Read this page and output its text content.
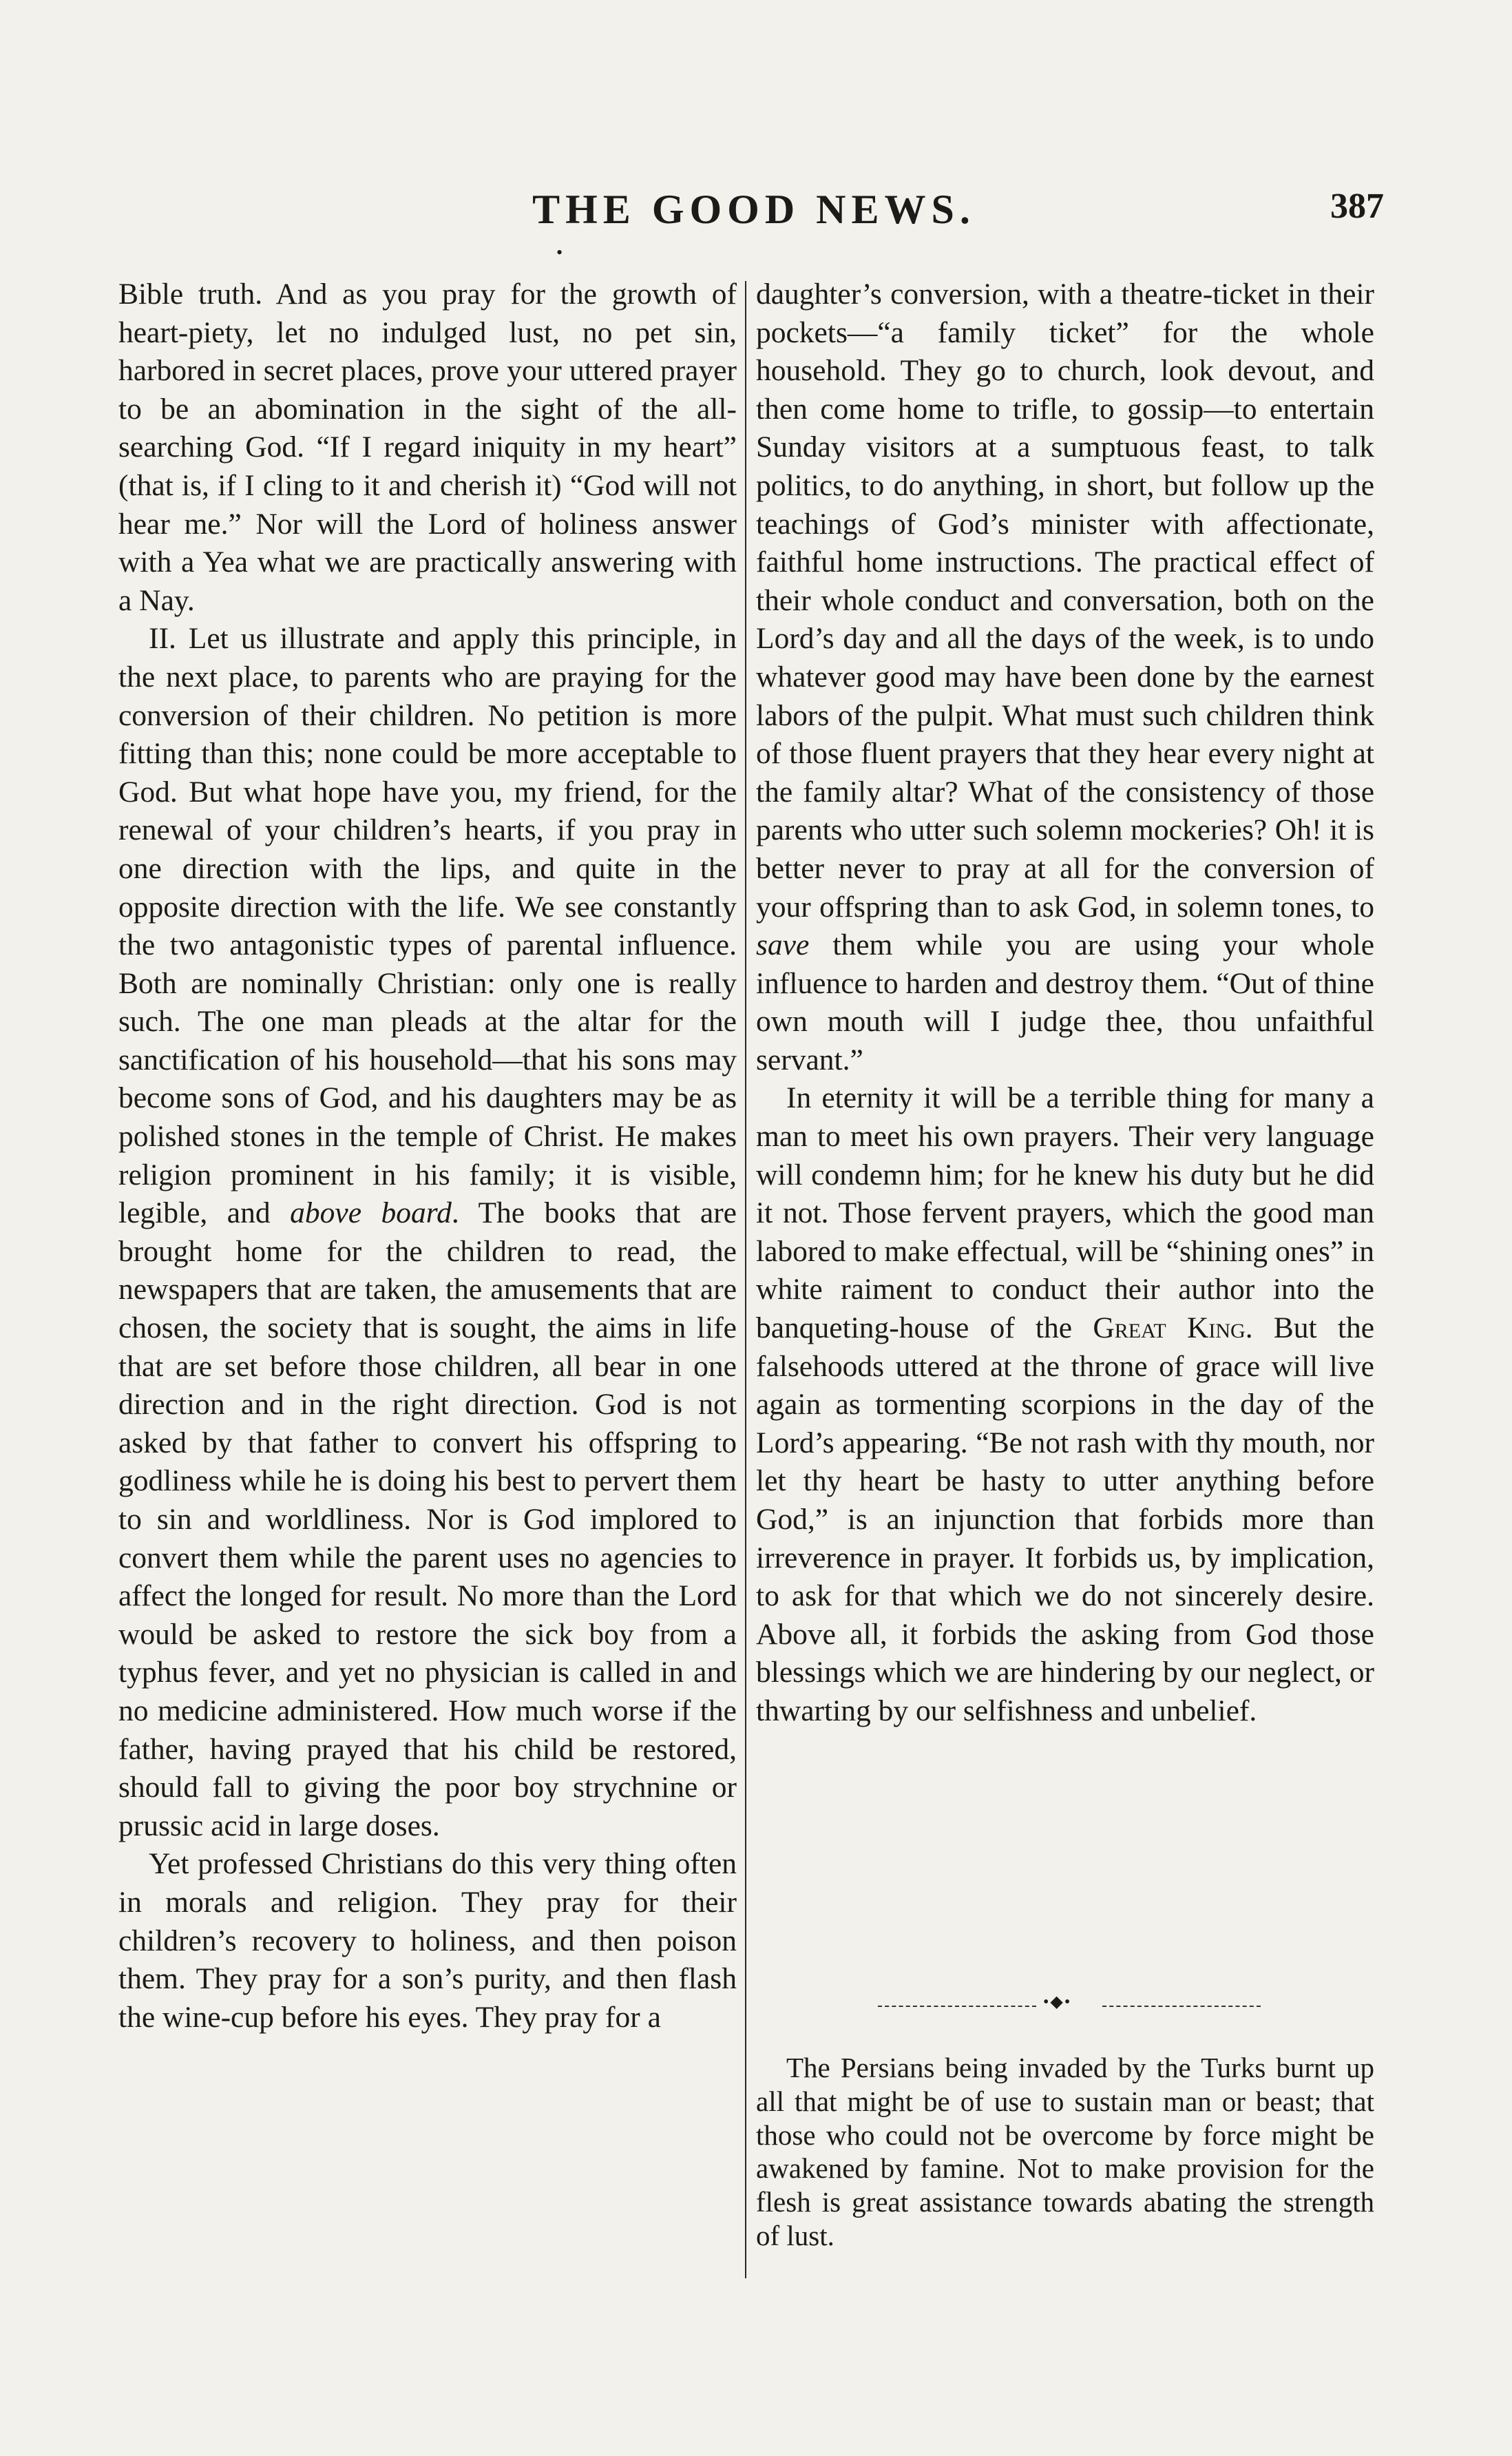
THE GOOD NEWS.	387
•

Bible truth. And as you pray for the growth of heart-piety, let no indulged lust, no pet sin, harbored in secret places, prove your uttered prayer to be an abomination in the sight of the all-searching God. “If I regard iniquity in my heart” (that is, if I cling to it and cherish it) “God will not hear me.” Nor will the Lord of holiness answer with a Yea what we are practically answering with a Nay.

II. Let us illustrate and apply this principle, in the next place, to parents who are praying for the conversion of their children. No petition is more fitting than this; none could be more acceptable to God. But what hope have you, my friend, for the renewal of your children’s hearts, if you pray in one direction with the lips, and quite in the opposite direction with the life. We see constantly the two antagonistic types of parental influence. Both are nominally Christian: only one is really such. The one man pleads at the altar for the sanctification of his household—that his sons may become sons of God, and his daughters may be as polished stones in the temple of Christ. He makes religion prominent in his family; it is visible, legible, and above board. The books that are brought home for the children to read, the newspapers that are taken, the amusements that are chosen, the society that is sought, the aims in life that are set before those children, all bear in one direction and in the right direction. God is not asked by that father to convert his offspring to godliness while he is doing his best to pervert them to sin and worldliness. Nor is God implored to convert them while the parent uses no agencies to affect the longed for result. No more than the Lord would be asked to restore the sick boy from a typhus fever, and yet no physician is called in and no medicine administered. How much worse if the father, having prayed that his child be restored, should fall to giving the poor boy strychnine or prussic acid in large doses.

Yet professed Christians do this very thing often in morals and religion. They pray for their children’s recovery to holiness, and then poison them. They pray for a son’s purity, and then flash the wine-cup before his eyes. They pray for a

daughter’s conversion, with a theatre-ticket in their pockets—“a family ticket” for the whole household. They go to church, look devout, and then come home to trifle, to gossip—to entertain Sunday visitors at a sumptuous feast, to talk politics, to do anything, in short, but follow up the teachings of God’s minister with affectionate, faithful home instructions. The practical effect of their whole conduct and conversation, both on the Lord’s day and all the days of the week, is to undo whatever good may have been done by the earnest labors of the pulpit. What must such children think of those fluent prayers that they hear every night at the family altar? What of the consistency of those parents who utter such solemn mockeries? Oh! it is better never to pray at all for the conversion of your offspring than to ask God, in solemn tones, to save them while you are using your whole influence to harden and destroy them. “Out of thine own mouth will I judge thee, thou unfaithful servant.”

In eternity it will be a terrible thing for many a man to meet his own prayers. Their very language will condemn him; for he knew his duty but he did it not. Those fervent prayers, which the good man labored to make effectual, will be “shining ones” in white raiment to conduct their author into the banqueting-house of the Great King. But the falsehoods uttered at the throne of grace will live again as tormenting scorpions in the day of the Lord’s appearing. “Be not rash with thy mouth, nor let thy heart be hasty to utter anything before God,” is an injunction that forbids more than irreverence in prayer. It forbids us, by implication, to ask for that which we do not sincerely desire. Above all, it forbids the asking from God those blessings which we are hindering by our neglect, or thwarting by our selfishness and unbelief.

•◆•

The Persians being invaded by the Turks burnt up all that might be of use to sustain man or beast; that those who could not be overcome by force might be awakened by famine. Not to make provision for the flesh is great assistance towards abating the strength of lust.
